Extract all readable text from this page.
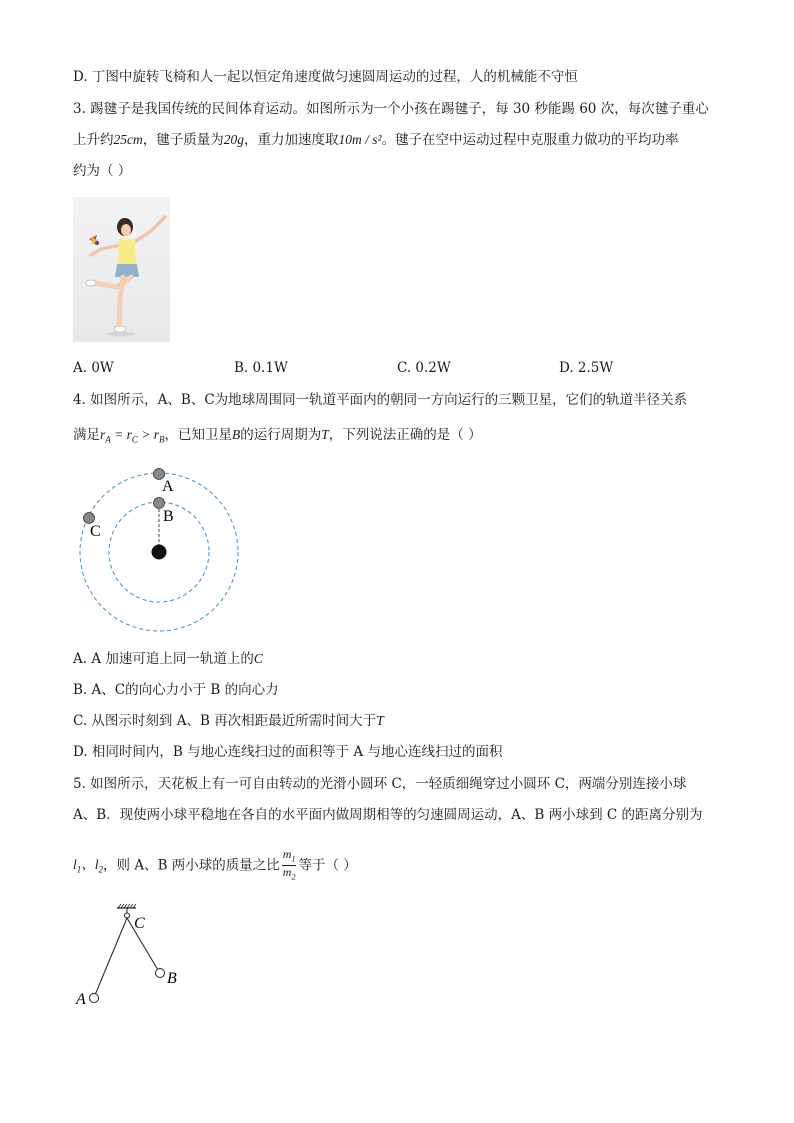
D. 丁图中旋转飞椅和人一起以恒定角速度做匀速圆周运动的过程，人的机械能不守恒
3. 踢毽子是我国传统的民间体育运动。如图所示为一个小孩在踢毽子，每 30 秒能踢 60 次，每次毽子重心
上升约25cm，毽子质量为20g，重力加速度取10m / s²。毽子在空中运动过程中克服重力做功的平均功率
约为（ ）
A. 0W	B. 0.1W	C. 0.2W	D. 2.5W
4. 如图所示，A、B、C为地球周围同一轨道平面内的朝同一方向运行的三颗卫星，它们的轨道半径关系
满足$r_A = r_C > r_B$，已知卫星B的运行周期为T，下列说法正确的是（ ）
A
B
C
A. A 加速可追上同一轨道上的C
B. A、C的向心力小于 B 的向心力
C. 从图示时刻到 A、B 再次相距最近所需时间大于T
D. 相同时间内，B 与地心连线扫过的面积等于 A 与地心连线扫过的面积
5. 如图所示，天花板上有一可自由转动的光滑小圆环 C，一轻质细绳穿过小圆环 C，两端分别连接小球
A、B．现使两小球平稳地在各自的水平面内做周期相等的匀速圆周运动，A、B 两小球到 C 的距离分别为
$l_1$、$l_2$，则 A、B 两小球的质量之比 $\frac{m_1}{m_2}$ 等于（ ）
C
B
A
